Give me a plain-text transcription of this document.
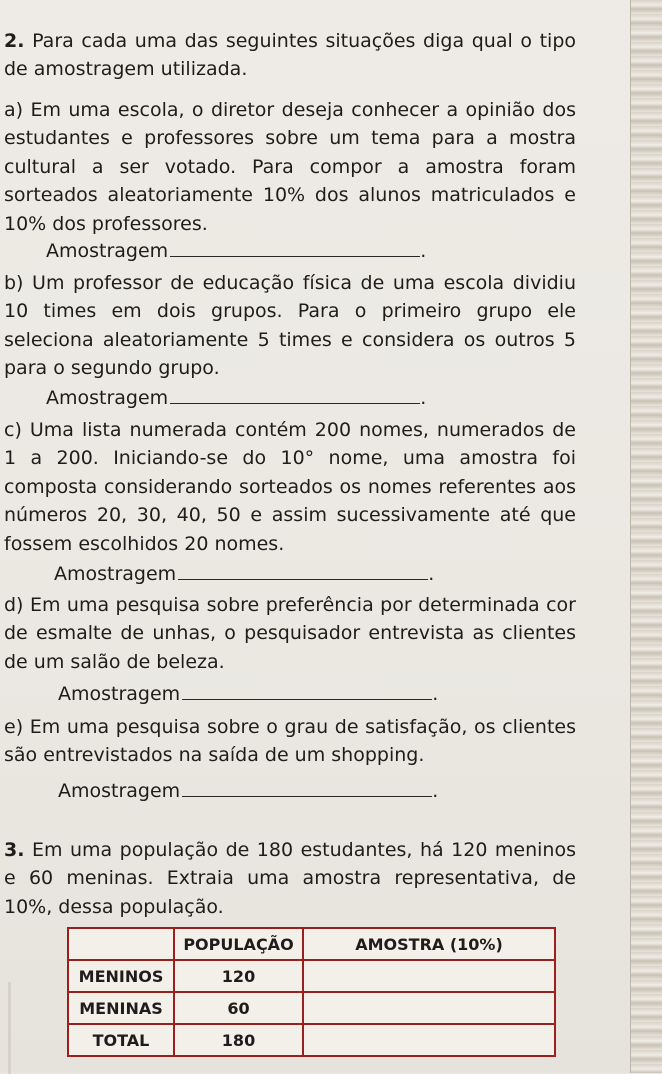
2. Para cada uma das seguintes situações diga qual o tipo de amostragem utilizada.

a) Em uma escola, o diretor deseja conhecer a opinião dos estudantes e professores sobre um tema para a mostra cultural a ser votado. Para compor a amostra foram sorteados aleatoriamente 10% dos alunos matriculados e 10% dos professores.

Amostragem	.

b) Um professor de educação física de uma escola dividiu 10 times em dois grupos. Para o primeiro grupo ele seleciona aleatoriamente 5 times e considera os outros 5 para o segundo grupo.

Amostragem	.

c) Uma lista numerada contém 200 nomes, numerados de 1 a 200. Iniciando-se do 10° nome, uma amostra foi composta considerando sorteados os nomes referentes aos números 20, 30, 40, 50 e assim sucessivamente até que fossem escolhidos 20 nomes.

Amostragem	.

d) Em uma pesquisa sobre preferência por determinada cor de esmalte de unhas, o pesquisador entrevista as clientes de um salão de beleza.

Amostragem	.

e) Em uma pesquisa sobre o grau de satisfação, os clientes são entrevistados na saída de um shopping.

Amostragem	.

3. Em uma população de 180 estudantes, há 120 meninos e 60 meninas. Extraia uma amostra representativa, de 10%, dessa população.

	POPULAÇÃO	AMOSTRA (10%)
MENINOS	120	
MENINAS	60	
TOTAL	180	
